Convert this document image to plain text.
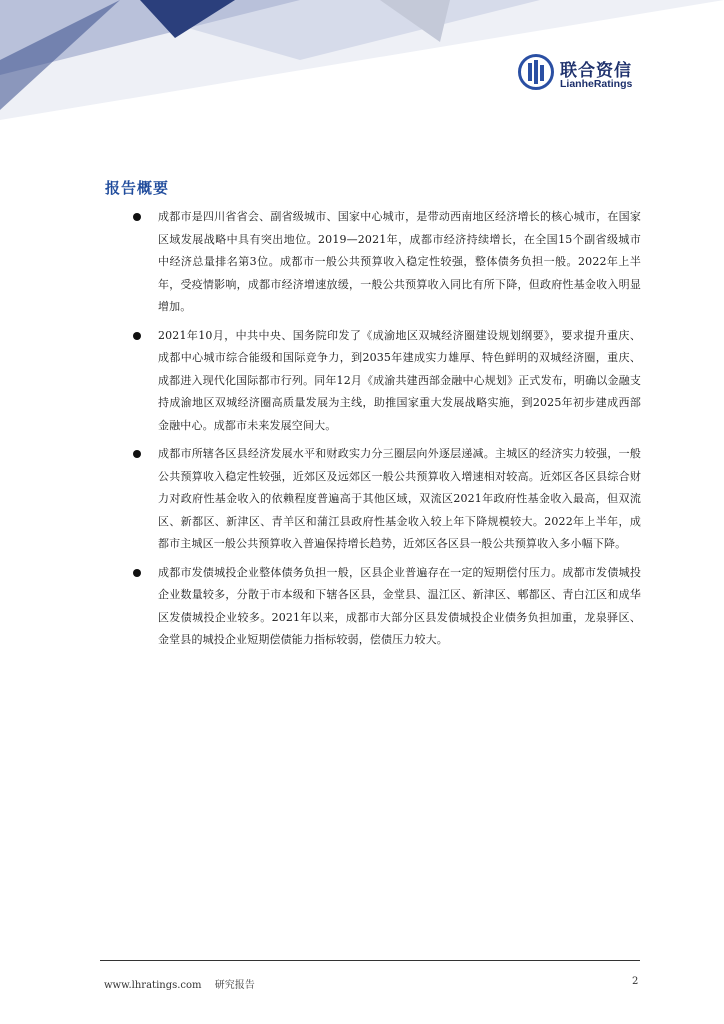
联合资信
LianheRatings
报告概要

成都市是四川省省会、副省级城市、国家中心城市，是带动西南地区经济增长的核心城市，在国家区域发展战略中具有突出地位。2019—2021年，成都市经济持续增长，在全国15个副省级城市中经济总量排名第3位。成都市一般公共预算收入稳定性较强，整体债务负担一般。2022年上半年，受疫情影响，成都市经济增速放缓，一般公共预算收入同比有所下降，但政府性基金收入明显增加。

2021年10月，中共中央、国务院印发了《成渝地区双城经济圈建设规划纲要》，要求提升重庆、成都中心城市综合能级和国际竞争力，到2035年建成实力雄厚、特色鲜明的双城经济圈，重庆、成都进入现代化国际都市行列。同年12月《成渝共建西部金融中心规划》正式发布，明确以金融支持成渝地区双城经济圈高质量发展为主线，助推国家重大发展战略实施，到2025年初步建成西部金融中心。成都市未来发展空间大。

成都市所辖各区县经济发展水平和财政实力分三圈层向外逐层递减。主城区的经济实力较强，一般公共预算收入稳定性较强，近郊区及远郊区一般公共预算收入增速相对较高。近郊区各区县综合财力对政府性基金收入的依赖程度普遍高于其他区域，双流区2021年政府性基金收入最高，但双流区、新都区、新津区、青羊区和蒲江县政府性基金收入较上年下降规模较大。2022年上半年，成都市主城区一般公共预算收入普遍保持增长趋势，近郊区各区县一般公共预算收入多小幅下降。

成都市发债城投企业整体债务负担一般，区县企业普遍存在一定的短期偿付压力。成都市发债城投企业数量较多，分散于市本级和下辖各区县，金堂县、温江区、新津区、郫都区、青白江区和成华区发债城投企业较多。2021年以来，成都市大部分区县发债城投企业债务负担加重，龙泉驿区、金堂县的城投企业短期偿债能力指标较弱，偿债压力较大。

www.lhratings.com 研究报告	2
